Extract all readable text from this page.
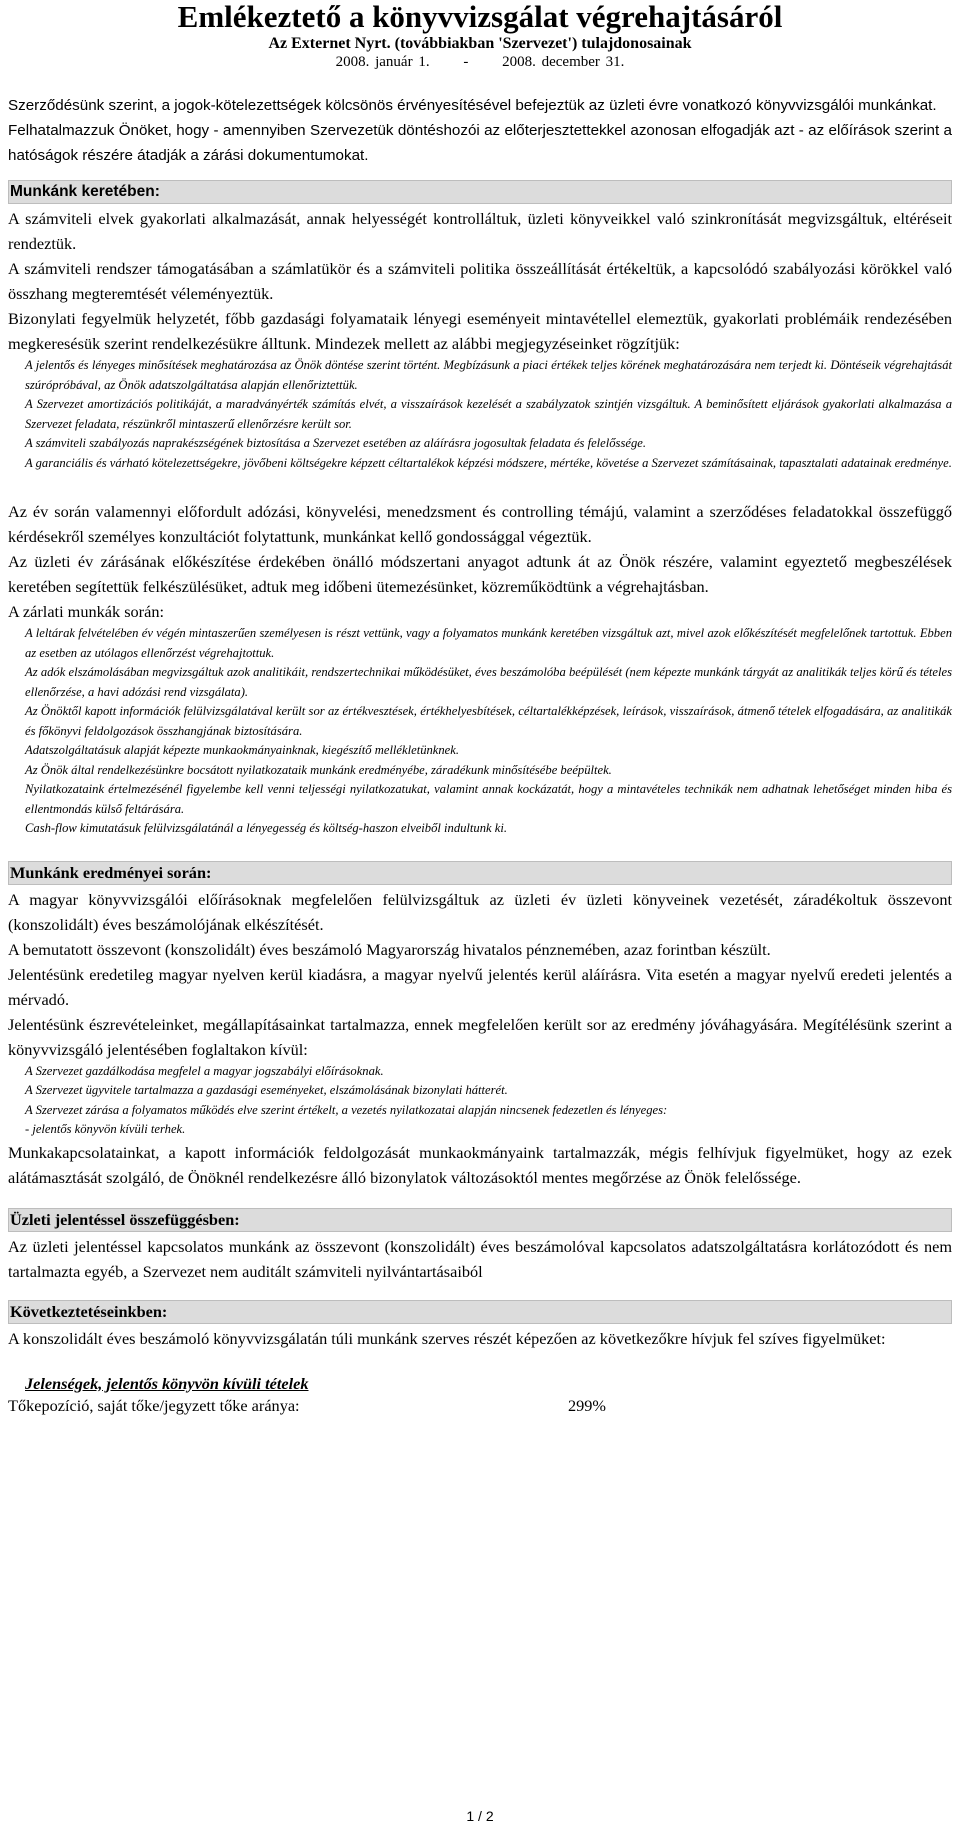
Emlékeztető a könyvvizsgálat végrehajtásáról

Az Externet Nyrt. (továbbiakban 'Szervezet') tulajdonosainak

2008. január 1. - 2008. december 31.

Szerződésünk szerint, a jogok-kötelezettségek kölcsönös érvényesítésével befejeztük az üzleti évre vonatkozó könyvvizsgálói munkánkat.

Felhatalmazzuk Önöket, hogy - amennyiben Szervezetük döntéshozói az előterjesztettekkel azonosan elfogadják azt - az előírások szerint a hatóságok részére átadják a zárási dokumentumokat.

Munkánk keretében:

A számviteli elvek gyakorlati alkalmazását, annak helyességét kontrolláltuk, üzleti könyveikkel való szinkronítását megvizsgáltuk, eltéréseit rendeztük.

A számviteli rendszer támogatásában a számlatükör és a számviteli politika összeállítását értékeltük, a kapcsolódó szabályozási körökkel való összhang megteremtését véleményeztük.

Bizonylati fegyelmük helyzetét, főbb gazdasági folyamataik lényegi eseményeit mintavétellel elemeztük, gyakorlati problémáik rendezésében megkeresésük szerint rendelkezésükre álltunk. Mindezek mellett az alábbi megjegyzéseinket rögzítjük:

A jelentős és lényeges minősítések meghatározása az Önök döntése szerint történt. Megbízásunk a piaci értékek teljes körének meghatározására nem terjedt ki. Döntéseik végrehajtását szúrópróbával, az Önök adatszolgáltatása alapján ellenőriztettük.

A Szervezet amortizációs politikáját, a maradványérték számítás elvét, a visszaírások kezelését a szabályzatok szintjén vizsgáltuk. A beminősített eljárások gyakorlati alkalmazása a Szervezet feladata, részünkről mintaszerű ellenőrzésre került sor.

A számviteli szabályozás naprakészségének biztosítása a Szervezet esetében az aláírásra jogosultak feladata és felelőssége.

A garanciális és várható kötelezettségekre, jövőbeni költségekre képzett céltartalékok képzési módszere, mértéke, követése a Szervezet számításainak, tapasztalati adatainak eredménye.

Az év során valamennyi előfordult adózási, könyvelési, menedzsment és controlling témájú, valamint a szerződéses feladatokkal összefüggő kérdésekről személyes konzultációt folytattunk, munkánkat kellő gondossággal végeztük.

Az üzleti év zárásának előkészítése érdekében önálló módszertani anyagot adtunk át az Önök részére, valamint egyeztető megbeszélések keretében segítettük felkészülésüket, adtuk meg időbeni ütemezésünket, közreműködtünk a végrehajtásban.

A zárlati munkák során:

A leltárak felvételében év végén mintaszerűen személyesen is részt vettünk, vagy a folyamatos munkánk keretében vizsgáltuk azt, mivel azok előkészítését megfelelőnek tartottuk. Ebben az esetben az utólagos ellenőrzést végrehajtottuk.

Az adók elszámolásában megvizsgáltuk azok analitikáit, rendszertechnikai működésüket, éves beszámolóba beépülését (nem képezte munkánk tárgyát az analitikák teljes körű és tételes ellenőrzése, a havi adózási rend vizsgálata).

Az Önöktől kapott információk felülvizsgálatával került sor az értékvesztések, értékhelyesbítések, céltartalékképzések, leírások, visszaírások, átmenő tételek elfogadására, az analitikák és főkönyvi feldolgozások összhangjának biztosítására.

Adatszolgáltatásuk alapját képezte munkaokmányainknak, kiegészítő mellékletünknek.

Az Önök által rendelkezésünkre bocsátott nyilatkozataik munkánk eredményébe, záradékunk minősítésébe beépültek.

Nyilatkozataink értelmezésénél figyelembe kell venni teljességi nyilatkozatukat, valamint annak kockázatát, hogy a mintavételes technikák nem adhatnak lehetőséget minden hiba és ellentmondás külső feltárására.

Cash-flow kimutatásuk felülvizsgálatánál a lényegesség és költség-haszon elveiből indultunk ki.

Munkánk eredményei során:

A magyar könyvvizsgálói előírásoknak megfelelően felülvizsgáltuk az üzleti év üzleti könyveinek vezetését, záradékoltuk összevont (konszolidált) éves beszámolójának elkészítését.

A bemutatott összevont (konszolidált) éves beszámoló Magyarország hivatalos pénznemében, azaz forintban készült.

Jelentésünk eredetileg magyar nyelven kerül kiadásra, a magyar nyelvű jelentés kerül aláírásra. Vita esetén a magyar nyelvű eredeti jelentés a mérvadó.

Jelentésünk észrevételeinket, megállapításainkat tartalmazza, ennek megfelelően került sor az eredmény jóváhagyására. Megítélésünk szerint a könyvvizsgáló jelentésében foglaltakon kívül:

A Szervezet gazdálkodása megfelel a magyar jogszabályi előírásoknak.

A Szervezet ügyvitele tartalmazza a gazdasági eseményeket, elszámolásának bizonylati hátterét.

A Szervezet zárása a folyamatos működés elve szerint értékelt, a vezetés nyilatkozatai alapján nincsenek fedezetlen és lényeges:

- jelentős könyvön kívüli terhek.

Munkakapcsolatainkat, a kapott információk feldolgozását munkaokmányaink tartalmazzák, mégis felhívjuk figyelmüket, hogy az ezek alátámasztását szolgáló, de Önöknél rendelkezésre álló bizonylatok változásoktól mentes megőrzése az Önök felelőssége.

Üzleti jelentéssel összefüggésben:

Az üzleti jelentéssel kapcsolatos munkánk az összevont (konszolidált) éves beszámolóval kapcsolatos adatszolgáltatásra korlátozódott és nem tartalmazta egyéb, a Szervezet nem auditált számviteli nyilvántartásaiból

Következtetéseinkben:

A konszolidált éves beszámoló könyvvizsgálatán túli munkánk szerves részét képezően az következőkre hívjuk fel szíves figyelmüket:

Jelenségek, jelentős könyvön kívüli tételek

Tőkepozíció, saját tőke/jegyzett tőke aránya:	299%
1 / 2
